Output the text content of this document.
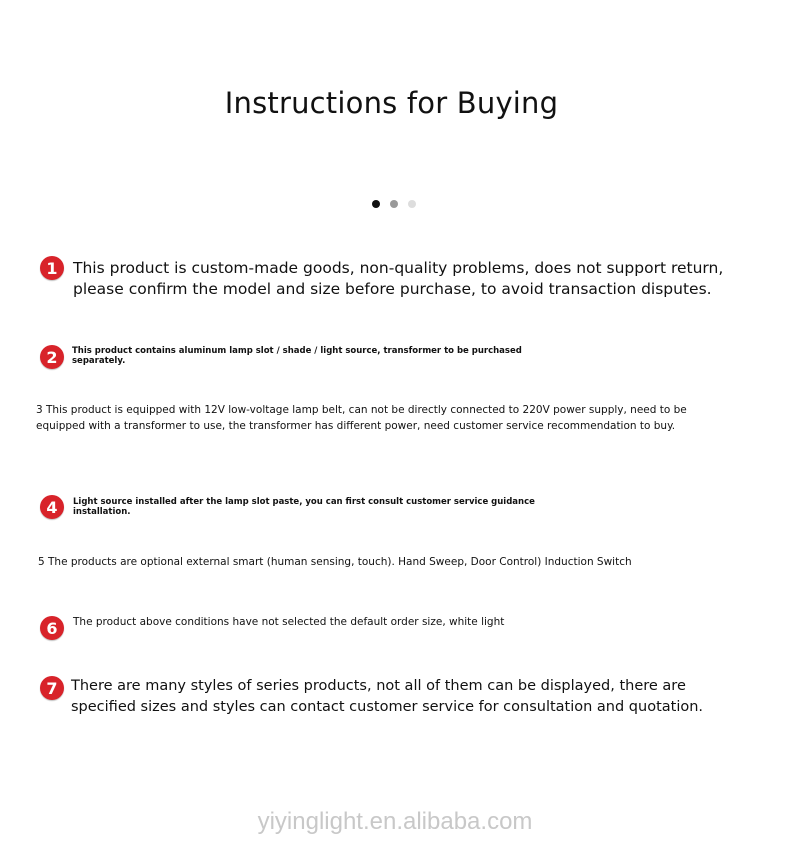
Instructions for Buying
1 This product is custom-made goods, non-quality problems, does not support return, please confirm the model and size before purchase, to avoid transaction disputes.
2	This product contains aluminum lamp slot / shade / light source, transformer to be purchased separately.
3 This product is equipped with 12V low-voltage lamp belt, can not be directly connected to 220V power supply, need to be equipped with a transformer to use, the transformer has different power, need customer service recommendation to buy.
4	Light source installed after the lamp slot paste, you can first consult customer service guidance installation.
5 The products are optional external smart (human sensing, touch). Hand Sweep, Door Control) Induction Switch
6	The product above conditions have not selected the default order size, white light
7 There are many styles of series products, not all of them can be displayed, there are specified sizes and styles can contact customer service for consultation and quotation.
yiyinglight.en.alibaba.com
